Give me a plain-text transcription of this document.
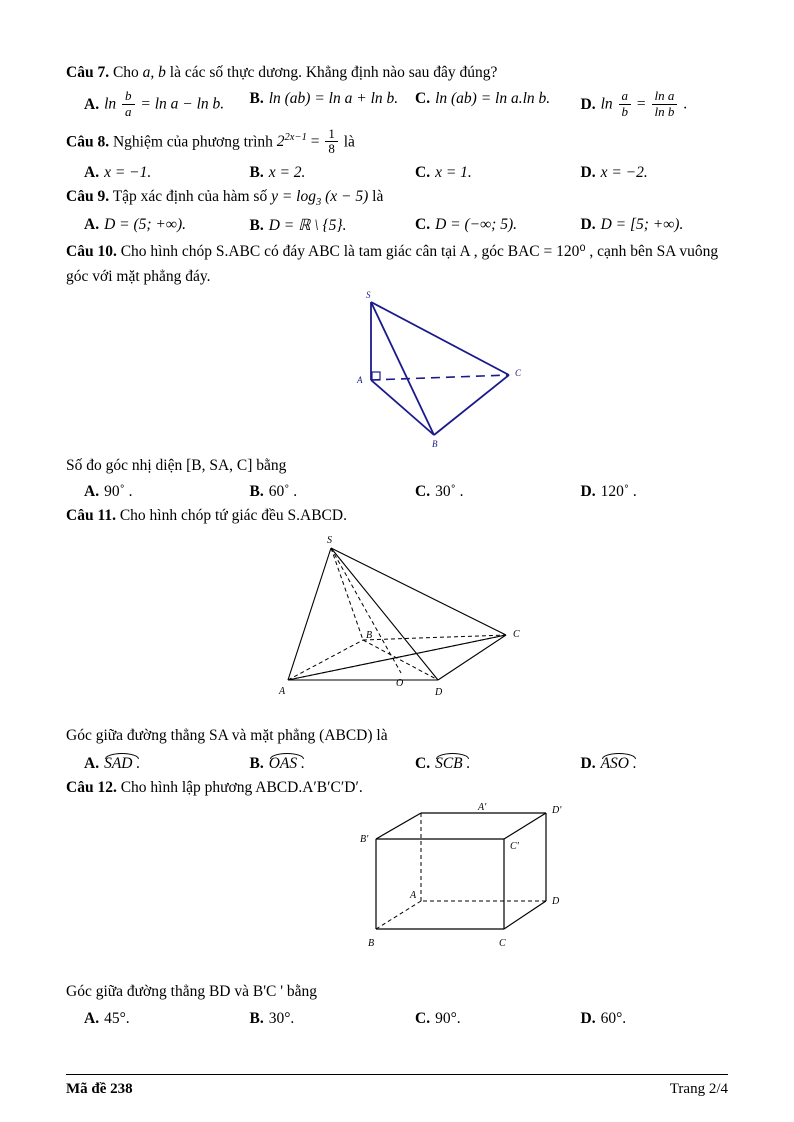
Câu 7. Cho a, b là các số thực dương. Khẳng định nào sau đây đúng?
A. $\ln \frac{b}{a} = \ln a - \ln b$. B. ln (ab) = ln a + ln b. C. ln (ab) = ln a.ln b. D. $\ln \frac{a}{b} = \frac{\text{ln a}}{\text{ln b}}$ .
Câu 8. Nghiệm của phương trình $2^{2x-1} = \frac{1}{8}$ là
A. x = −1.	B. x = 2.	C. x = 1.	D. x = −2.
Câu 9. Tập xác định của hàm số $y = \log_3 (x - 5)$ là
A. D = (5; +∞).	B. D = ℝ \ {5}.	C. D = (−∞; 5).	D. D = [5; +∞).
Câu 10. Cho hình chóp S.ABC có đáy ABC là tam giác cân tại A , góc BAC = 120⁰ , cạnh bên SA vuông
góc với mặt phẳng đáy.
S
A
B
C
Số đo góc nhị diện [B, SA, C] bằng
A. 90˚ .	B. 60˚ .	C. 30˚ .	D. 120˚ .
Câu 11. Cho hình chóp tứ giác đều S.ABCD.
S
A
B	C
D
O
Góc giữa đường thẳng SA và mặt phẳng (ABCD) là
A. SAD .	B. OAS .	C. SCB .	D. ASO .
Câu 12. Cho hình lập phương ABCD.A′B′C′D′.
A'
B'
D'
C'
A
B	C
D
Góc giữa đường thẳng BD và B'C ' bằng
A. 45°.	B. 30°.	C. 90°.	D. 60°.
Mã đề 238	Trang 2/4
